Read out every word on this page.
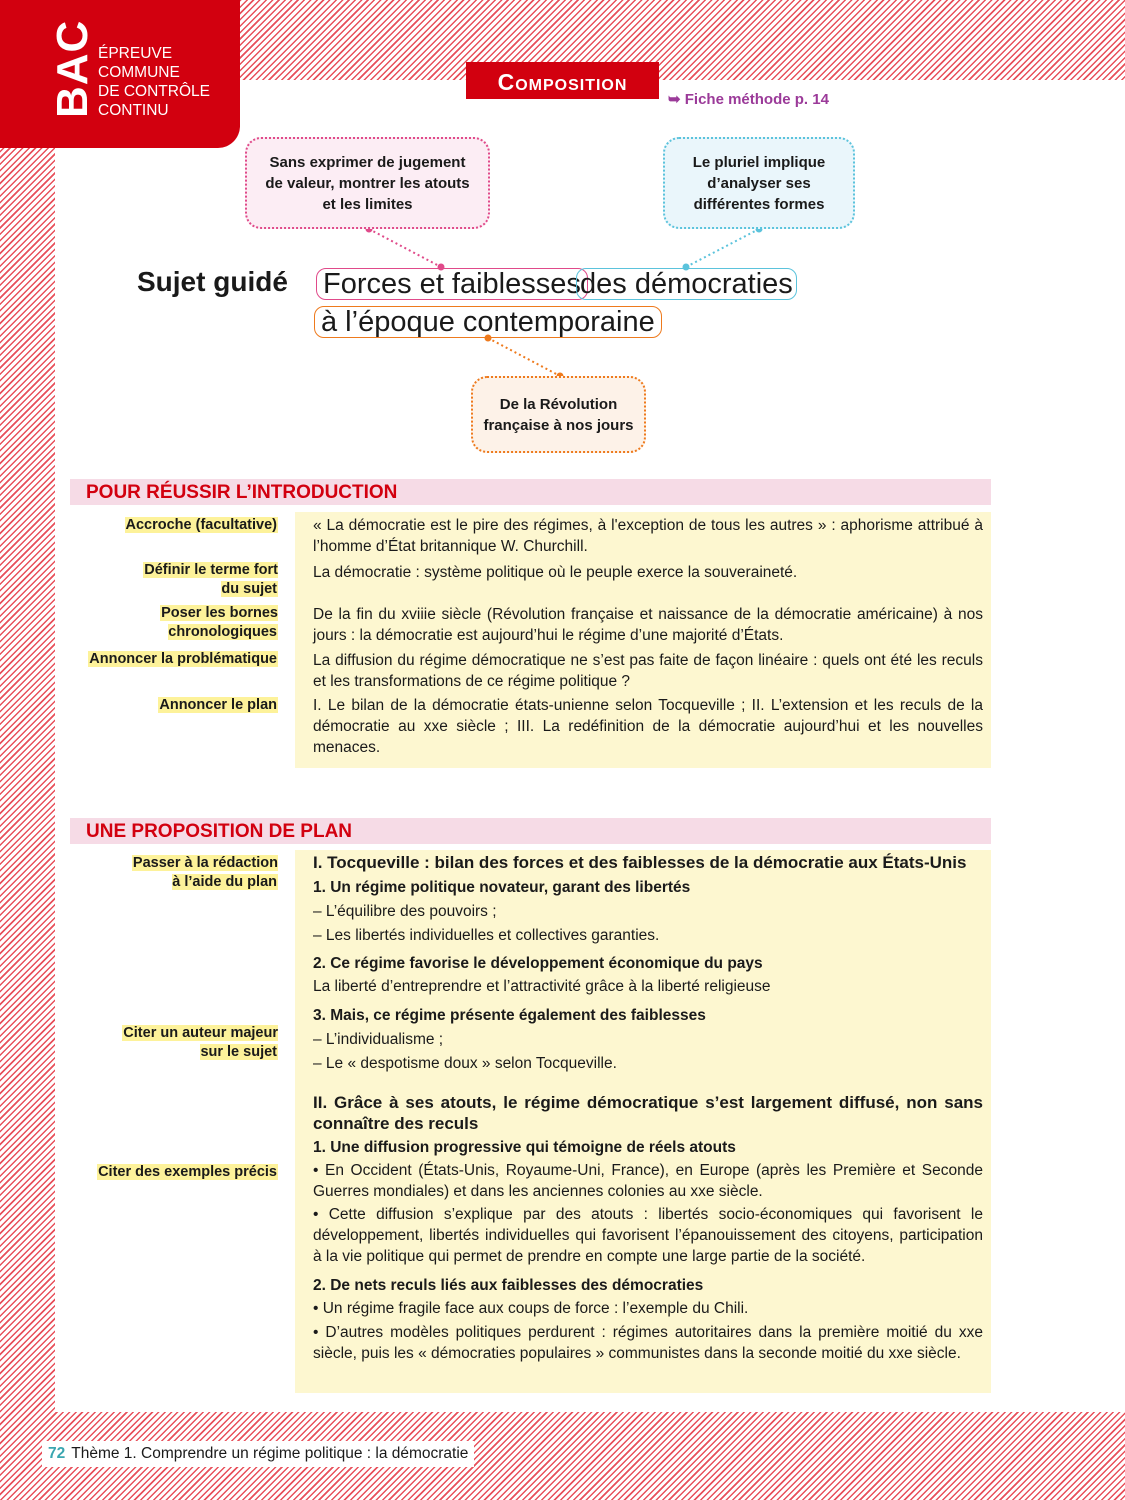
BAC ÉPREUVE
COMMUNE
DE CONTRÔLE
CONTINU
Composition
➥ Fiche méthode p. 14
Sans exprimer de jugement de valeur, montrer les atouts et les limites
Le pluriel implique d’analyser ses différentes formes
De la Révolution française à nos jours
Sujet guidé Forces et faiblesses des démocraties
à l’époque contemporaine
POUR RÉUSSIR L’INTRODUCTION
Accroche (facultative)
Définir le terme fort du sujet
Poser les bornes chronologiques
Annoncer la problématique
Annoncer le plan
« La démocratie est le pire des régimes, à l'exception de tous les autres » : aphorisme attribué à l’homme d’État britannique W. Churchill.
La démocratie : système politique où le peuple exerce la souveraineté.
De la fin du xviiie siècle (Révolution française et naissance de la démocratie américaine) à nos jours : la démocratie est aujourd’hui le régime d’une majorité d’États.
La diffusion du régime démocratique ne s’est pas faite de façon linéaire : quels ont été les reculs et les transformations de ce régime politique ?
I. Le bilan de la démocratie états-unienne selon Tocqueville ; II. L’extension et les reculs de la démocratie au xxe siècle ; III. La redéfinition de la démocratie aujourd’hui et les nouvelles menaces.
UNE PROPOSITION DE PLAN
Passer à la rédaction à l’aide du plan
Citer un auteur majeur sur le sujet
Citer des exemples précis
I. Tocqueville : bilan des forces et des faiblesses de la démocratie aux États-Unis
1. Un régime politique novateur, garant des libertés
– L’équilibre des pouvoirs ;
– Les libertés individuelles et collectives garanties.
2. Ce régime favorise le développement économique du pays
La liberté d’entreprendre et l’attractivité grâce à la liberté religieuse
3. Mais, ce régime présente également des faiblesses
– L’individualisme ;
– Le « despotisme doux » selon Tocqueville.
II. Grâce à ses atouts, le régime démocratique s’est largement diffusé, non sans connaître des reculs
1. Une diffusion progressive qui témoigne de réels atouts
• En Occident (États-Unis, Royaume-Uni, France), en Europe (après les Première et Seconde Guerres mondiales) et dans les anciennes colonies au xxe siècle.
• Cette diffusion s’explique par des atouts : libertés socio-économiques qui favorisent le développement, libertés individuelles qui favorisent l’épanouissement des citoyens, participation à la vie politique qui permet de prendre en compte une large partie de la société.
2. De nets reculs liés aux faiblesses des démocraties
• Un régime fragile face aux coups de force : l’exemple du Chili.
• D’autres modèles politiques perdurent : régimes autoritaires dans la première moitié du xxe siècle, puis les « démocraties populaires » communistes dans la seconde moitié du xxe siècle.
72 Thème 1. Comprendre un régime politique : la démocratie
